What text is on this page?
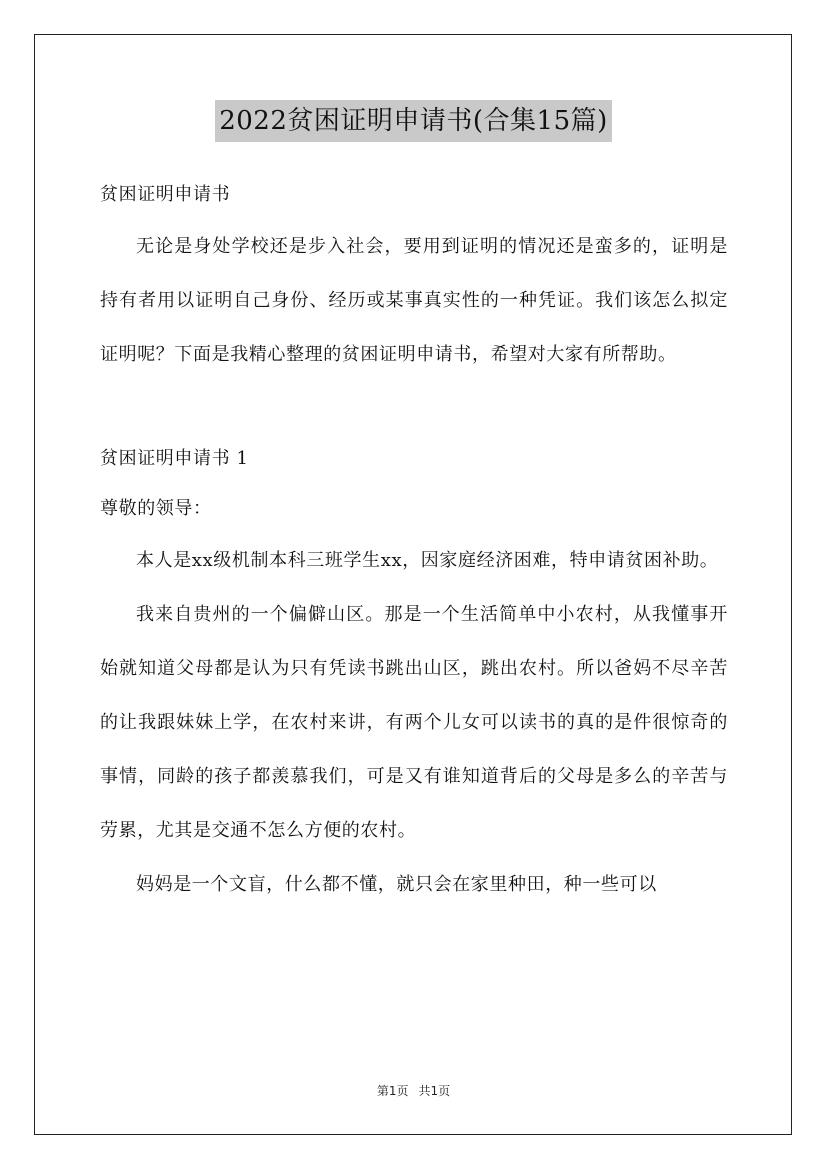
2022贫困证明申请书(合集15篇)

贫困证明申请书

无论是身处学校还是步入社会，要用到证明的情况还是蛮多的，证明是持有者用以证明自己身份、经历或某事真实性的一种凭证。我们该怎么拟定证明呢？下面是我精心整理的贫困证明申请书，希望对大家有所帮助。

贫困证明申请书 1

尊敬的领导：

本人是xx级机制本科三班学生xx，因家庭经济困难，特申请贫困补助。

我来自贵州的一个偏僻山区。那是一个生活简单中小农村，从我懂事开始就知道父母都是认为只有凭读书跳出山区，跳出农村。所以爸妈不尽辛苦的让我跟妹妹上学，在农村来讲，有两个儿女可以读书的真的是件很惊奇的事情，同龄的孩子都羡慕我们，可是又有谁知道背后的父母是多么的辛苦与劳累，尤其是交通不怎么方便的农村。

妈妈是一个文盲，什么都不懂，就只会在家里种田，种一些可以

第1页 共1页
